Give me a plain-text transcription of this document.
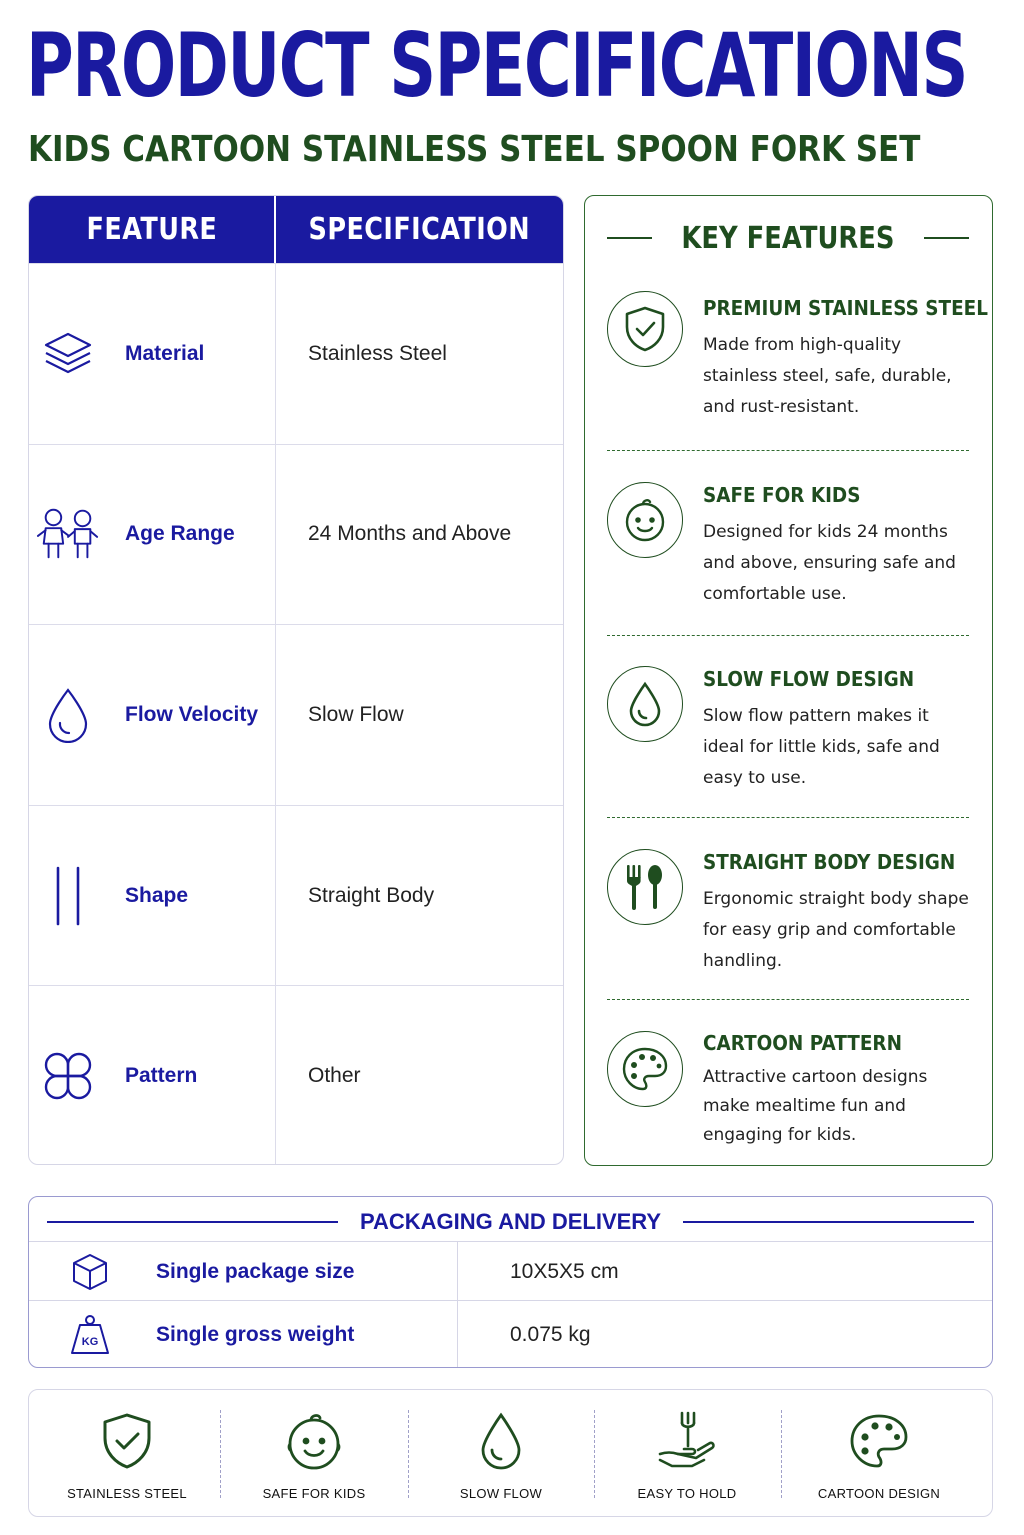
PRODUCT SPECIFICATIONS
KIDS CARTOON STAINLESS STEEL SPOON FORK SET
FEATURE	SPECIFICATION
Material	Stainless Steel
Age Range	24 Months and Above
Flow Velocity	Slow Flow
Shape	Straight Body
Pattern	Other
KEY FEATURES
PREMIUM STAINLESS STEEL
Made from high-quality stainless steel, safe, durable, and rust-resistant.
SAFE FOR KIDS
Designed for kids 24 months and above, ensuring safe and comfortable use.
SLOW FLOW DESIGN
Slow flow pattern makes it ideal for little kids, safe and easy to use.
STRAIGHT BODY DESIGN
Ergonomic straight body shape for easy grip and comfortable handling.
CARTOON PATTERN
Attractive cartoon designs make mealtime fun and engaging for kids.
PACKAGING AND DELIVERY
Single package size	10X5X5 cm
KG	Single gross weight	0.075 kg
STAINLESS STEEL	SAFE FOR KIDS	SLOW FLOW	EASY TO HOLD	CARTOON DESIGN
